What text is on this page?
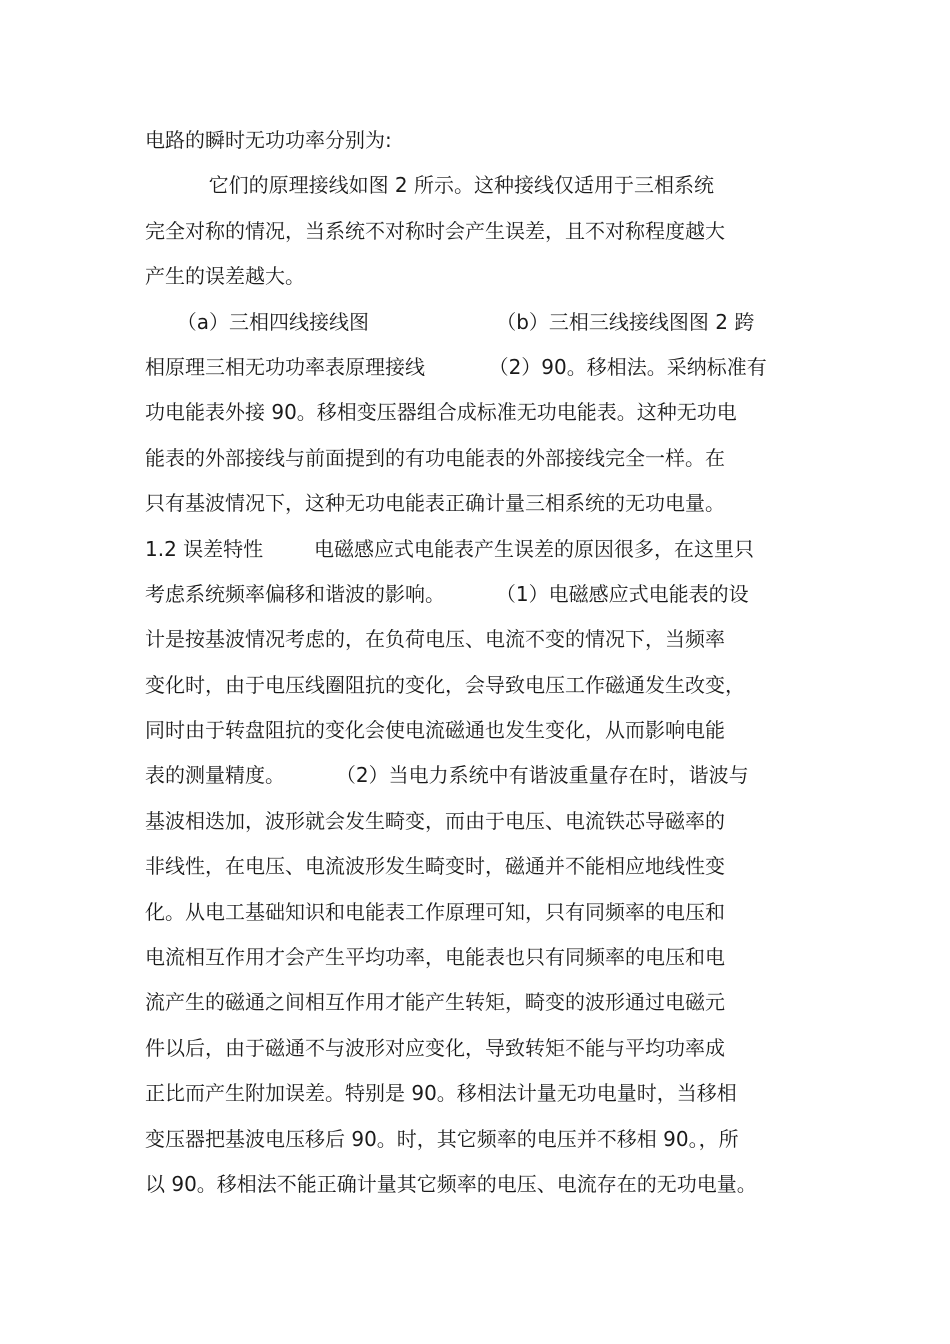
电路的瞬时无功功率分别为:
它们的原理接线如图 2 所示。这种接线仅适用于三相系统
完全对称的情况，当系统不对称时会产生误差，且不对称程度越大
产生的误差越大。
（a）三相四线接线图                    （b）三相三线接线图图 2 跨
相原理三相无功功率表原理接线          （2）90。移相法。采纳标准有
功电能表外接 90。移相变压器组合成标准无功电能表。这种无功电
能表的外部接线与前面提到的有功电能表的外部接线完全一样。在
只有基波情况下，这种无功电能表正确计量三相系统的无功电量。
1.2 误差特性        电磁感应式电能表产生误差的原因很多，在这里只
考虑系统频率偏移和谐波的影响。        （1）电磁感应式电能表的设
计是按基波情况考虑的，在负荷电压、电流不变的情况下，当频率
变化时，由于电压线圈阻抗的变化，会导致电压工作磁通发生改变，
同时由于转盘阻抗的变化会使电流磁通也发生变化，从而影响电能
表的测量精度。        （2）当电力系统中有谐波重量存在时，谐波与
基波相迭加，波形就会发生畸变，而由于电压、电流铁芯导磁率的
非线性，在电压、电流波形发生畸变时，磁通并不能相应地线性变
化。从电工基础知识和电能表工作原理可知，只有同频率的电压和
电流相互作用才会产生平均功率，电能表也只有同频率的电压和电
流产生的磁通之间相互作用才能产生转矩，畸变的波形通过电磁元
件以后，由于磁通不与波形对应变化，导致转矩不能与平均功率成
正比而产生附加误差。特别是 90。移相法计量无功电量时，当移相
变压器把基波电压移后 90。时，其它频率的电压并不移相 90。，所
以 90。移相法不能正确计量其它频率的电压、电流存在的无功电量。
